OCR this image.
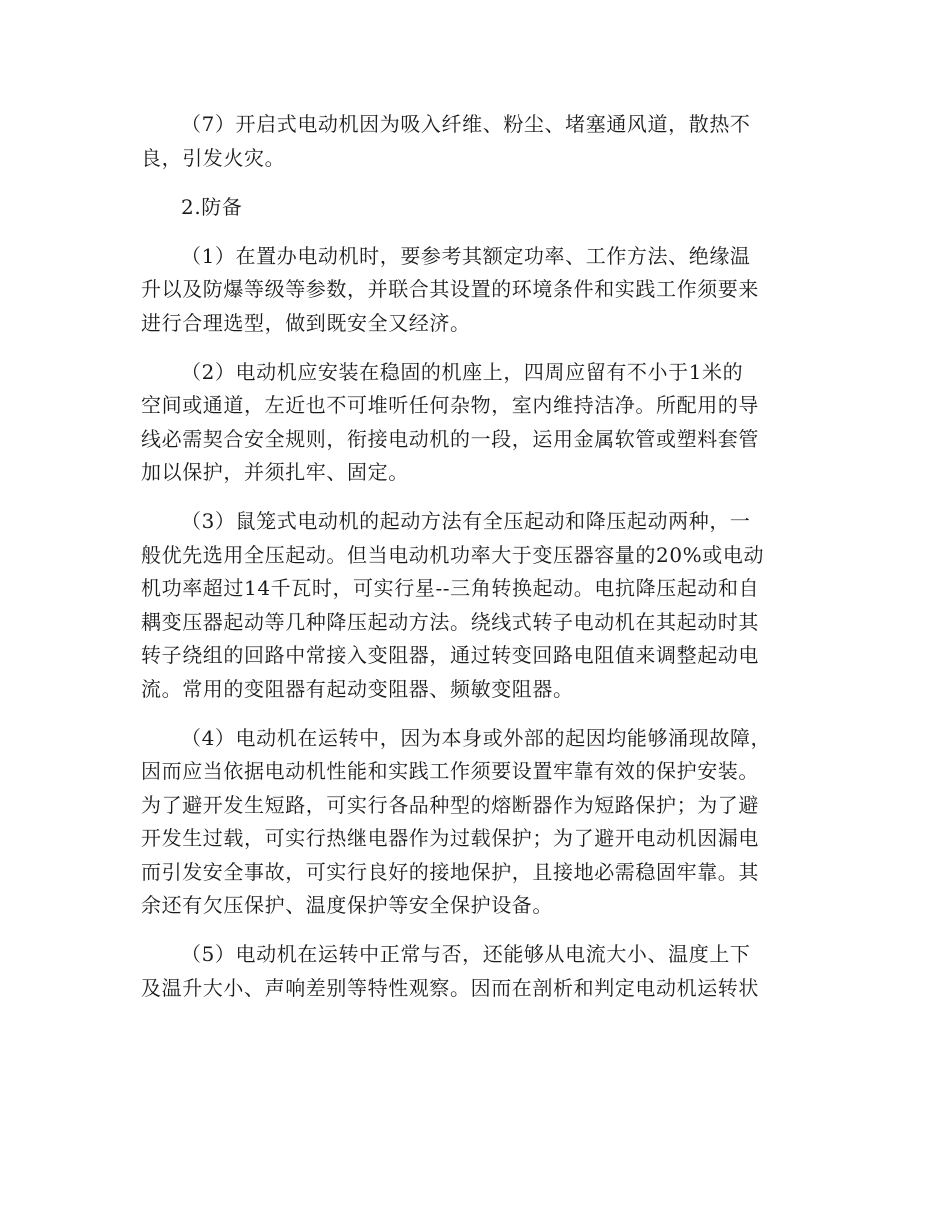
（7）开启式电动机因为吸入纤维、粉尘、堵塞通风道，散热不
良，引发火灾。

2.防备

（1）在置办电动机时，要参考其额定功率、工作方法、绝缘温
升以及防爆等级等参数，并联合其设置的环境条件和实践工作须要来
进行合理选型，做到既安全又经济。

（2）电动机应安装在稳固的机座上，四周应留有不小于1米的
空间或通道，左近也不可堆听任何杂物，室内维持洁净。所配用的导
线必需契合安全规则，衔接电动机的一段，运用金属软管或塑料套管
加以保护，并须扎牢、固定。

（3）鼠笼式电动机的起动方法有全压起动和降压起动两种，一
般优先选用全压起动。但当电动机功率大于变压器容量的20%或电动
机功率超过14千瓦时，可实行星--三角转换起动。电抗降压起动和自
耦变压器起动等几种降压起动方法。绕线式转子电动机在其起动时其
转子绕组的回路中常接入变阻器，通过转变回路电阻值来调整起动电
流。常用的变阻器有起动变阻器、频敏变阻器。

（4）电动机在运转中，因为本身或外部的起因均能够涌现故障，
因而应当依据电动机性能和实践工作须要设置牢靠有效的保护安装。
为了避开发生短路，可实行各品种型的熔断器作为短路保护；为了避
开发生过载，可实行热继电器作为过载保护；为了避开电动机因漏电
而引发安全事故，可实行良好的接地保护，且接地必需稳固牢靠。其
余还有欠压保护、温度保护等安全保护设备。

（5）电动机在运转中正常与否，还能够从电流大小、温度上下
及温升大小、声响差别等特性观察。因而在剖析和判定电动机运转状
